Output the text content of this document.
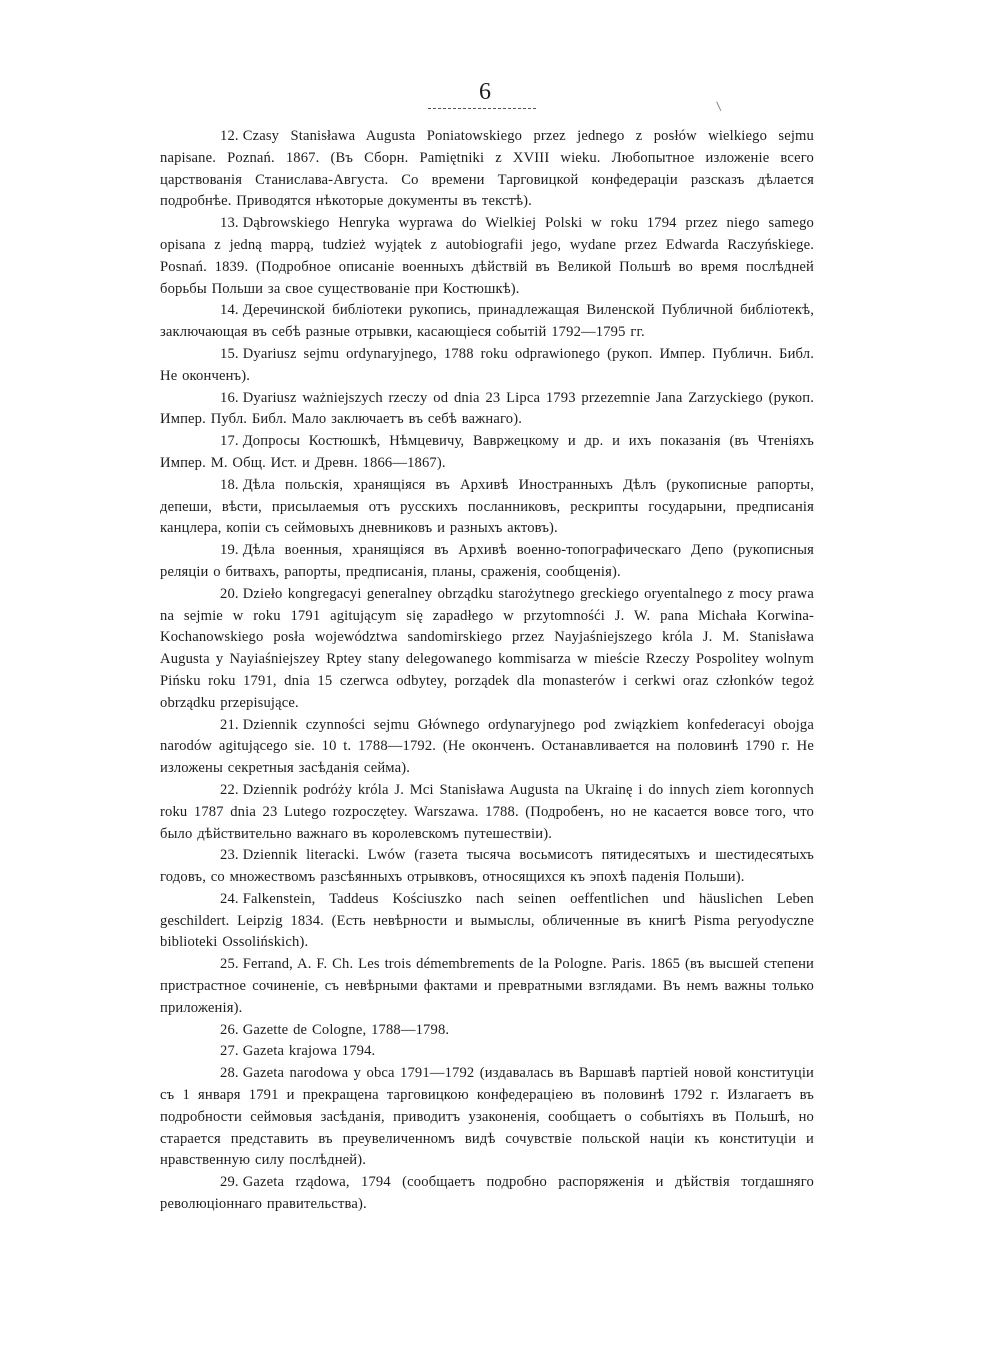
6

12. Czasy Stanisława Augusta Poniatowskiego przez jednego z posłów wielkiego sejmu napisane. Poznań. 1867. (Въ Сборн. Pamiętniki z XVIII wieku. Любопытное изложеніе всего царствованія Станислава-Августа. Со времени Тарговицкой конфедераціи разсказъ дѣлается подробнѣе. Приводятся нѣкоторые документы въ текстѣ).

13. Dąbrowskiego Henryka wyprawa do Wielkiej Polski w roku 1794 przez niego samego opisana z jedną mappą, tudzież wyjątek z autobiografii jego, wydane przez Edwarda Raczyńskiege. Posnań. 1839. (Подробное описаніе военныхъ дѣйствій въ Великой Польшѣ во время послѣдней борьбы Польши за свое существованіе при Костюшкѣ).

14. Деречинской библіотеки рукопись, принадлежащая Виленской Публичной библіотекѣ, заключающая въ себѣ разные отрывки, касающіеся событій 1792—1795 гг.

15. Dyariusz sejmu ordynaryjnego, 1788 roku odprawionego (рукоп. Импер. Публичн. Библ. Не оконченъ).

16. Dyariusz ważniejszych rzeczy od dnia 23 Lipca 1793 przezemnie Jana Zarzyckiego (рукоп. Импер. Публ. Библ. Мало заключаетъ въ себѣ важнаго).

17. Допросы Костюшкѣ, Нѣмцевичу, Вавржецкому и др. и ихъ показанія (въ Чтеніяхъ Импер. М. Общ. Ист. и Древн. 1866—1867).

18. Дѣла польскія, хранящіяся въ Архивѣ Иностранныхъ Дѣлъ (рукописные рапорты, депеши, вѣсти, присылаемыя отъ русскихъ посланниковъ, рескрипты государыни, предписанія канцлера, копіи съ сеймовыхъ дневниковъ и разныхъ актовъ).

19. Дѣла военныя, хранящіяся въ Архивѣ военно-топографическаго Депо (рукописныя реляціи о битвахъ, рапорты, предписанія, планы, сраженія, сообщенія).

20. Dzieło kongregacyi generalney obrządku starożytnego greckiego oryentalnego z mocy prawa na sejmie w roku 1791 agitującym się zapadłego w przytomnośći J. W. pana Michała Korwina-Kochanowskiego posła województwa sandomirskiego przez Nayjaśniejszego króla J. M. Stanisława Augusta y Nayiaśniejszey Rptey stany delegowanego kommisarza w mieście Rzeczy Pospolitey wolnym Pińsku roku 1791, dnia 15 czerwca odbytey, porządek dla monasterów i cerkwi oraz członków tegoż obrządku przepisujące.

21. Dziennik czynności sejmu Głównego ordynaryjnego pod związkiem konfederacyi obojga narodów agitującego sie. 10 t. 1788—1792. (Не оконченъ. Останавливается на половинѣ 1790 г. Не изложены секретныя засѣданія сейма).

22. Dziennik podróży króla J. Mci Stanisława Augusta na Ukrainę i do innych ziem koronnych roku 1787 dnia 23 Lutego rozpoczętey. Warszawa. 1788. (Подробенъ, но не касается вовсе того, что было дѣйствительно важнаго въ королевскомъ путешествіи).

23. Dziennik literacki. Lwów (газета тысяча восьмисотъ пятидесятыхъ и шестидесятыхъ годовъ, со множествомъ разсѣянныхъ отрывковъ, относящихся къ эпохѣ паденія Польши).

24. Falkenstein, Taddeus Kościuszko nach seinen oeffentlichen und häuslichen Leben geschildert. Leipzig 1834. (Есть невѣрности и вымыслы, обличенные въ книгѣ Pisma peryodyczne biblioteki Ossolińskich).

25. Ferrand, A. F. Ch. Les trois démembrements de la Pologne. Paris. 1865 (въ высшей степени пристрастное сочиненіе, съ невѣрными фактами и превратными взглядами. Въ немъ важны только приложенія).

26. Gazette de Cologne, 1788—1798.

27. Gazeta krajowa 1794.

28. Gazeta narodowa y obca 1791—1792 (издавалась въ Варшавѣ партіей новой конституціи съ 1 января 1791 и прекращена тарговицкою конфедераціею въ половинѣ 1792 г. Излагаетъ въ подробности сеймовыя засѣданія, приводитъ узаконенія, сообщаетъ о событіяхъ въ Польшѣ, но старается представить въ преувеличенномъ видѣ сочувствіе польской націи къ конституціи и нравственную силу послѣдней).

29. Gazeta rządowa, 1794 (сообщаетъ подробно распоряженія и дѣйствія тогдашняго революціоннаго правительства).
